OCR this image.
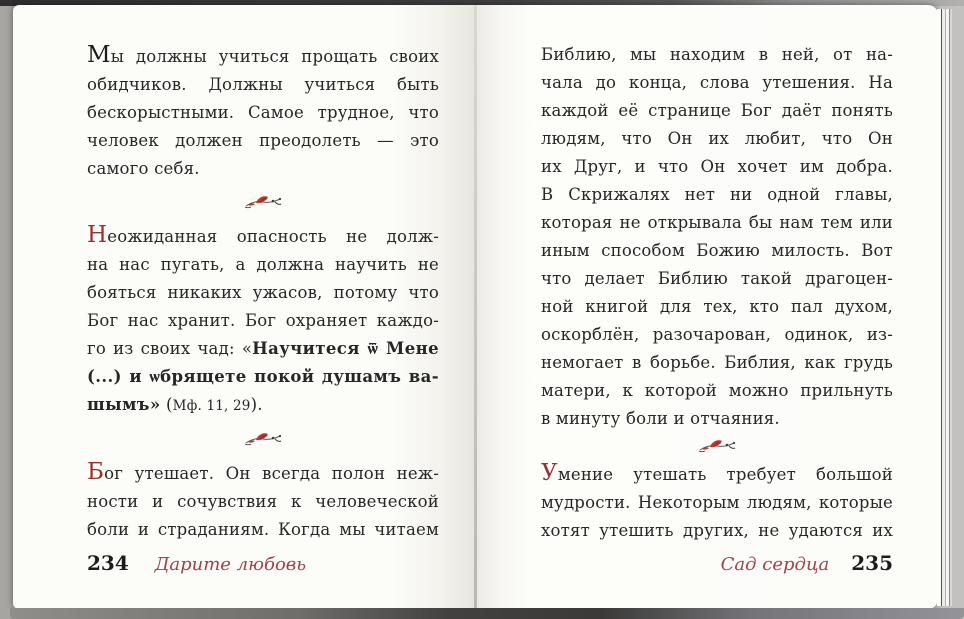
Мы должны учиться прощать своих
обидчиков. Должны учиться быть
бескорыстными. Самое трудное, что
человек должен преодолеть — это
самого себя.
Неожиданная опасность не долж-
на нас пугать, а должна научить не
бояться никаких ужасов, потому что
Бог нас хранит. Бог охраняет каждо-
го из своих чад: «Научитеся ѿ Мене
(...) и ѡбрящете покой душамъ ва-
шымъ» (Мф. 11, 29).
Бог утешает. Он всегда полон неж-
ности и сочувствия к человеческой
боли и страданиям. Когда мы читаем
234 Дарите любовь
Библию, мы находим в ней, от на-
чала до конца, слова утешения. На
каждой её странице Бог даёт понять
людям, что Он их любит, что Он
их Друг, и что Он хочет им добра.
В Скрижалях нет ни одной главы,
которая не открывала бы нам тем или
иным способом Божию милость. Вот
что делает Библию такой драгоцен-
ной книгой для тех, кто пал духом,
оскорблён, разочарован, одинок, из-
немогает в борьбе. Библия, как грудь
матери, к которой можно прильнуть
в минуту боли и отчаяния.
Умение утешать требует большой
мудрости. Некоторым людям, которые
хотят утешить других, не удаются их
Сад сердца 235
